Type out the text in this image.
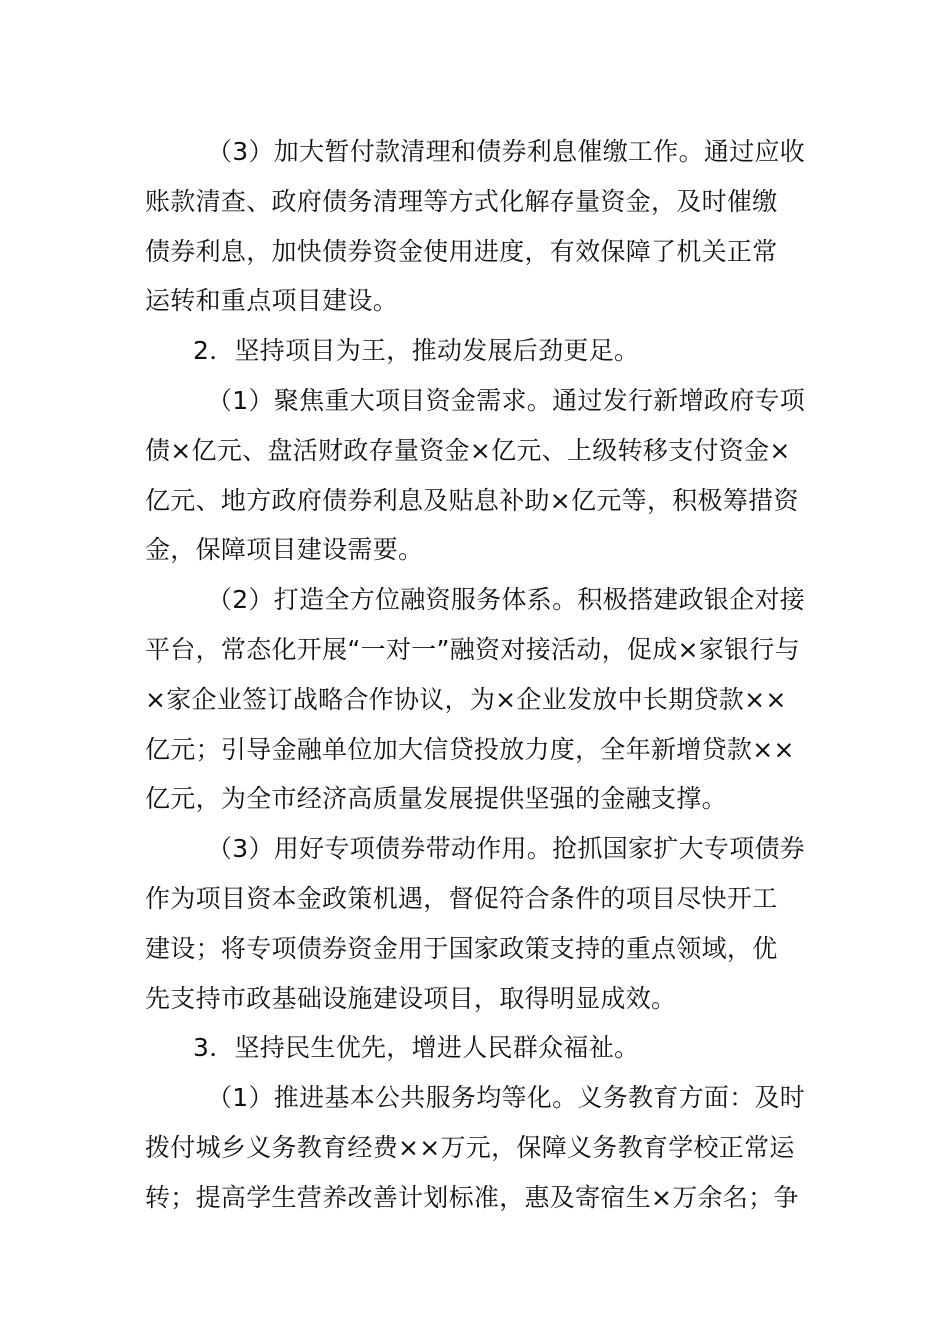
（3）加大暂付款清理和债券利息催缴工作。通过应收
账款清查、政府债务清理等方式化解存量资金，及时催缴
债券利息，加快债券资金使用进度，有效保障了机关正常
运转和重点项目建设。
2．坚持项目为王，推动发展后劲更足。
（1）聚焦重大项目资金需求。通过发行新增政府专项
债×亿元、盘活财政存量资金×亿元、上级转移支付资金×
亿元、地方政府债券利息及贴息补助×亿元等，积极筹措资
金，保障项目建设需要。
（2）打造全方位融资服务体系。积极搭建政银企对接
平台，常态化开展“一对一”融资对接活动，促成×家银行与
×家企业签订战略合作协议，为×企业发放中长期贷款××
亿元；引导金融单位加大信贷投放力度，全年新增贷款××
亿元，为全市经济高质量发展提供坚强的金融支撑。
（3）用好专项债券带动作用。抢抓国家扩大专项债券
作为项目资本金政策机遇，督促符合条件的项目尽快开工
建设；将专项债券资金用于国家政策支持的重点领域，优
先支持市政基础设施建设项目，取得明显成效。
3．坚持民生优先，增进人民群众福祉。
（1）推进基本公共服务均等化。义务教育方面：及时
拨付城乡义务教育经费××万元，保障义务教育学校正常运
转；提高学生营养改善计划标准，惠及寄宿生×万余名；争
